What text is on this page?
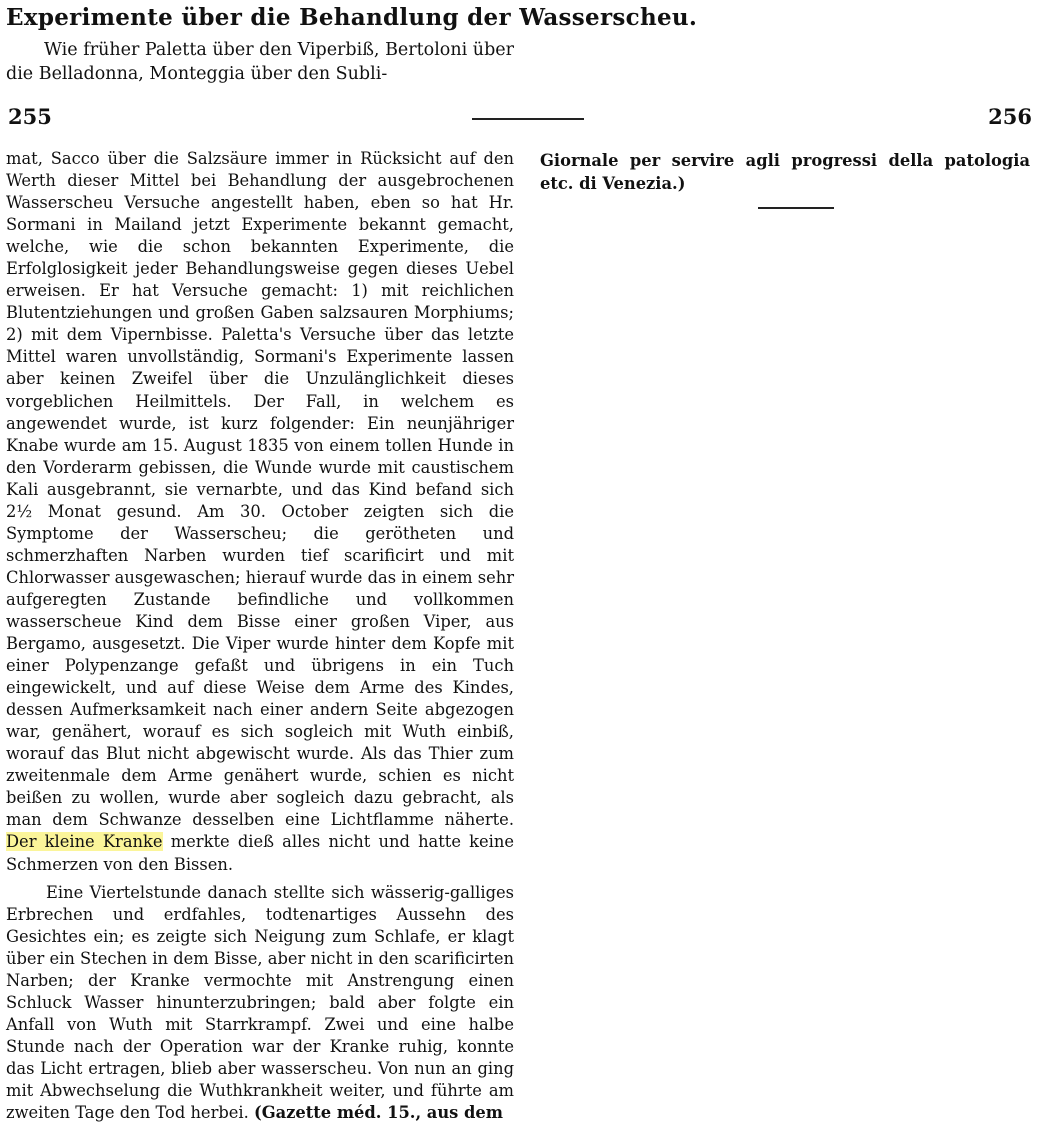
Experimente über die Behandlung der Wasserscheu.

Wie früher Paletta über den Viperbiß, Bertoloni über die Belladonna, Monteggia über den Subli-

255	256

mat, Sacco über die Salzsäure immer in Rücksicht auf den Werth dieser Mittel bei Behandlung der ausgebrochenen Wasserscheu Versuche angestellt haben, eben so hat Hr. Sormani in Mailand jetzt Experimente bekannt gemacht, welche, wie die schon bekannten Experimente, die Erfolglosigkeit jeder Behandlungsweise gegen dieses Uebel erweisen. Er hat Versuche gemacht: 1) mit reichlichen Blutentziehungen und großen Gaben salzsauren Morphiums; 2) mit dem Vipernbisse. Paletta's Versuche über das letzte Mittel waren unvollständig, Sormani's Experimente lassen aber keinen Zweifel über die Unzulänglichkeit dieses vorgeblichen Heilmittels. Der Fall, in welchem es angewendet wurde, ist kurz folgender: Ein neunjähriger Knabe wurde am 15. August 1835 von einem tollen Hunde in den Vorderarm gebissen, die Wunde wurde mit caustischem Kali ausgebrannt, sie vernarbte, und das Kind befand sich 2½ Monat gesund. Am 30. October zeigten sich die Symptome der Wasserscheu; die gerötheten und schmerzhaften Narben wurden tief scarificirt und mit Chlorwasser ausgewaschen; hierauf wurde das in einem sehr aufgeregten Zustande befindliche und vollkommen wasserscheue Kind dem Bisse einer großen Viper, aus Bergamo, ausgesetzt. Die Viper wurde hinter dem Kopfe mit einer Polypenzange gefaßt und übrigens in ein Tuch eingewickelt, und auf diese Weise dem Arme des Kindes, dessen Aufmerksamkeit nach einer andern Seite abgezogen war, genähert, worauf es sich sogleich mit Wuth einbiß, worauf das Blut nicht abgewischt wurde. Als das Thier zum zweitenmale dem Arme genähert wurde, schien es nicht beißen zu wollen, wurde aber sogleich dazu gebracht, als man dem Schwanze desselben eine Lichtflamme näherte. Der kleine Kranke merkte dieß alles nicht und hatte keine Schmerzen von den Bissen.

Eine Viertelstunde danach stellte sich wässerig-galliges Erbrechen und erdfahles, todtenartiges Aussehn des Gesichtes ein; es zeigte sich Neigung zum Schlafe, er klagt über ein Stechen in dem Bisse, aber nicht in den scarificirten Narben; der Kranke vermochte mit Anstrengung einen Schluck Wasser hinunterzubringen; bald aber folgte ein Anfall von Wuth mit Starrkrampf. Zwei und eine halbe Stunde nach der Operation war der Kranke ruhig, konnte das Licht ertragen, blieb aber wasserscheu. Von nun an ging mit Abwechselung die Wuthkrankheit weiter, und führte am zweiten Tage den Tod herbei. (Gazette méd. 15., aus dem

Giornale per servire agli progressi della patologia etc. di Venezia.)
